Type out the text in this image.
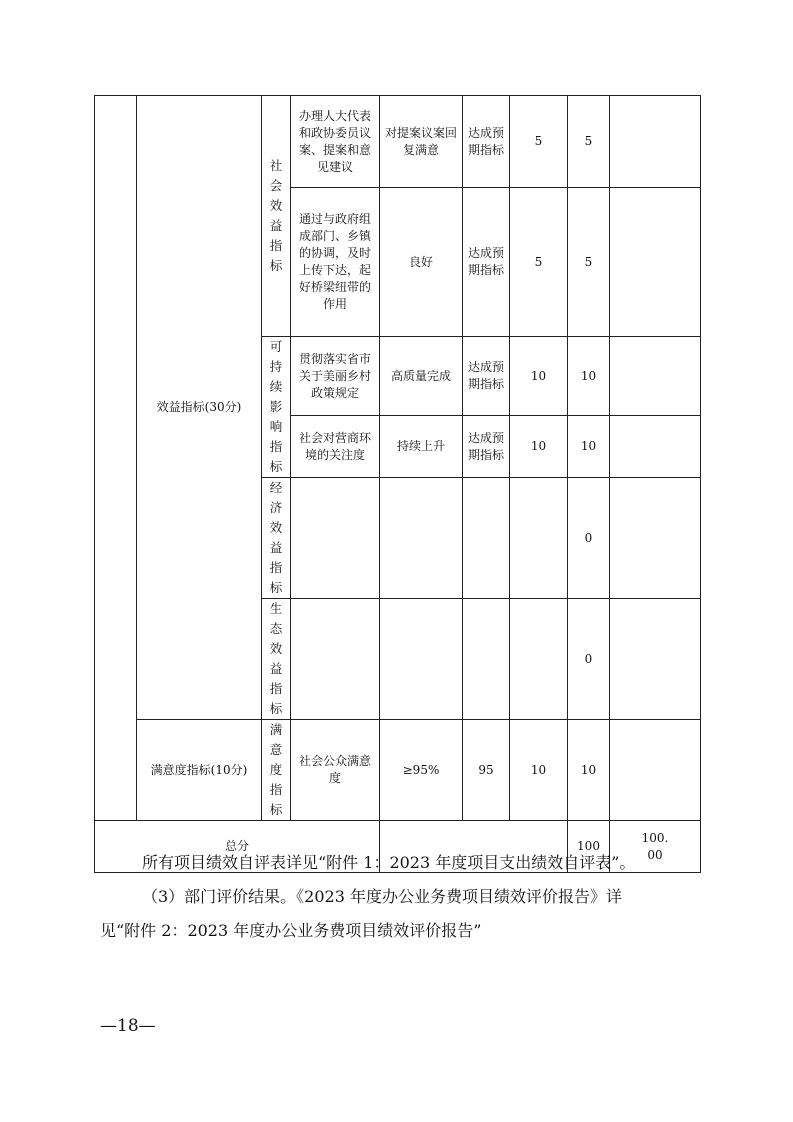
	效益指标(30分)	社会效益指标	办理人大代表和政协委员议案、提案和意见建议	对提案议案回复满意	达成预期指标	5	5		
			通过与政府组成部门、乡镇的协调，及时上传下达，起好桥梁纽带的作用	良好	达成预期指标	5	5		
		可持续影响指标	贯彻落实省市关于美丽乡村政策规定	高质量完成	达成预期指标	10	10		
			社会对营商环境的关注度	持续上升	达成预期指标	10	10		
		经济效益指标					0		
		生态效益指标					0		
	满意度指标(10分)	满意度指标	社会公众满意度	≥95%	95	10	10		
总分							100	100.00	

所有项目绩效自评表详见“附件 1：2023 年度项目支出绩效自评表”。

（3）部门评价结果。《2023 年度办公业务费项目绩效评价报告》详

见“附件 2：2023 年度办公业务费项目绩效评价报告”

—18—
